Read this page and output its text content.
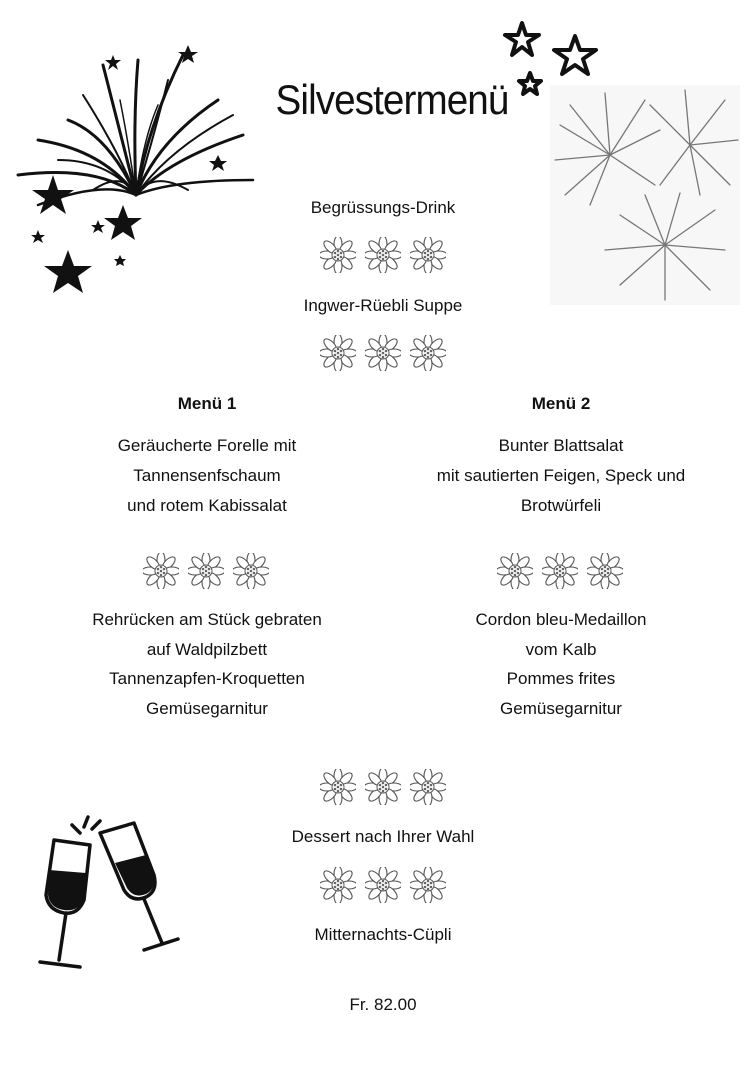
Silvestermenü
Begrüssungs-Drink
Ingwer-Rüebli Suppe
Menü 1	Menü 2
Geräucherte Forelle mit
Tannensenfschaum
und rotem Kabissalat
Bunter Blattsalat
mit sautierten Feigen, Speck und
Brotwürfeli
Rehrücken am Stück gebraten
auf Waldpilzbett
Tannenzapfen-Kroquetten
Gemüsegarnitur
Cordon bleu-Medaillon
vom Kalb
Pommes frites
Gemüsegarnitur
Dessert nach Ihrer Wahl
Mitternachts-Cüpli
Fr. 82.00
